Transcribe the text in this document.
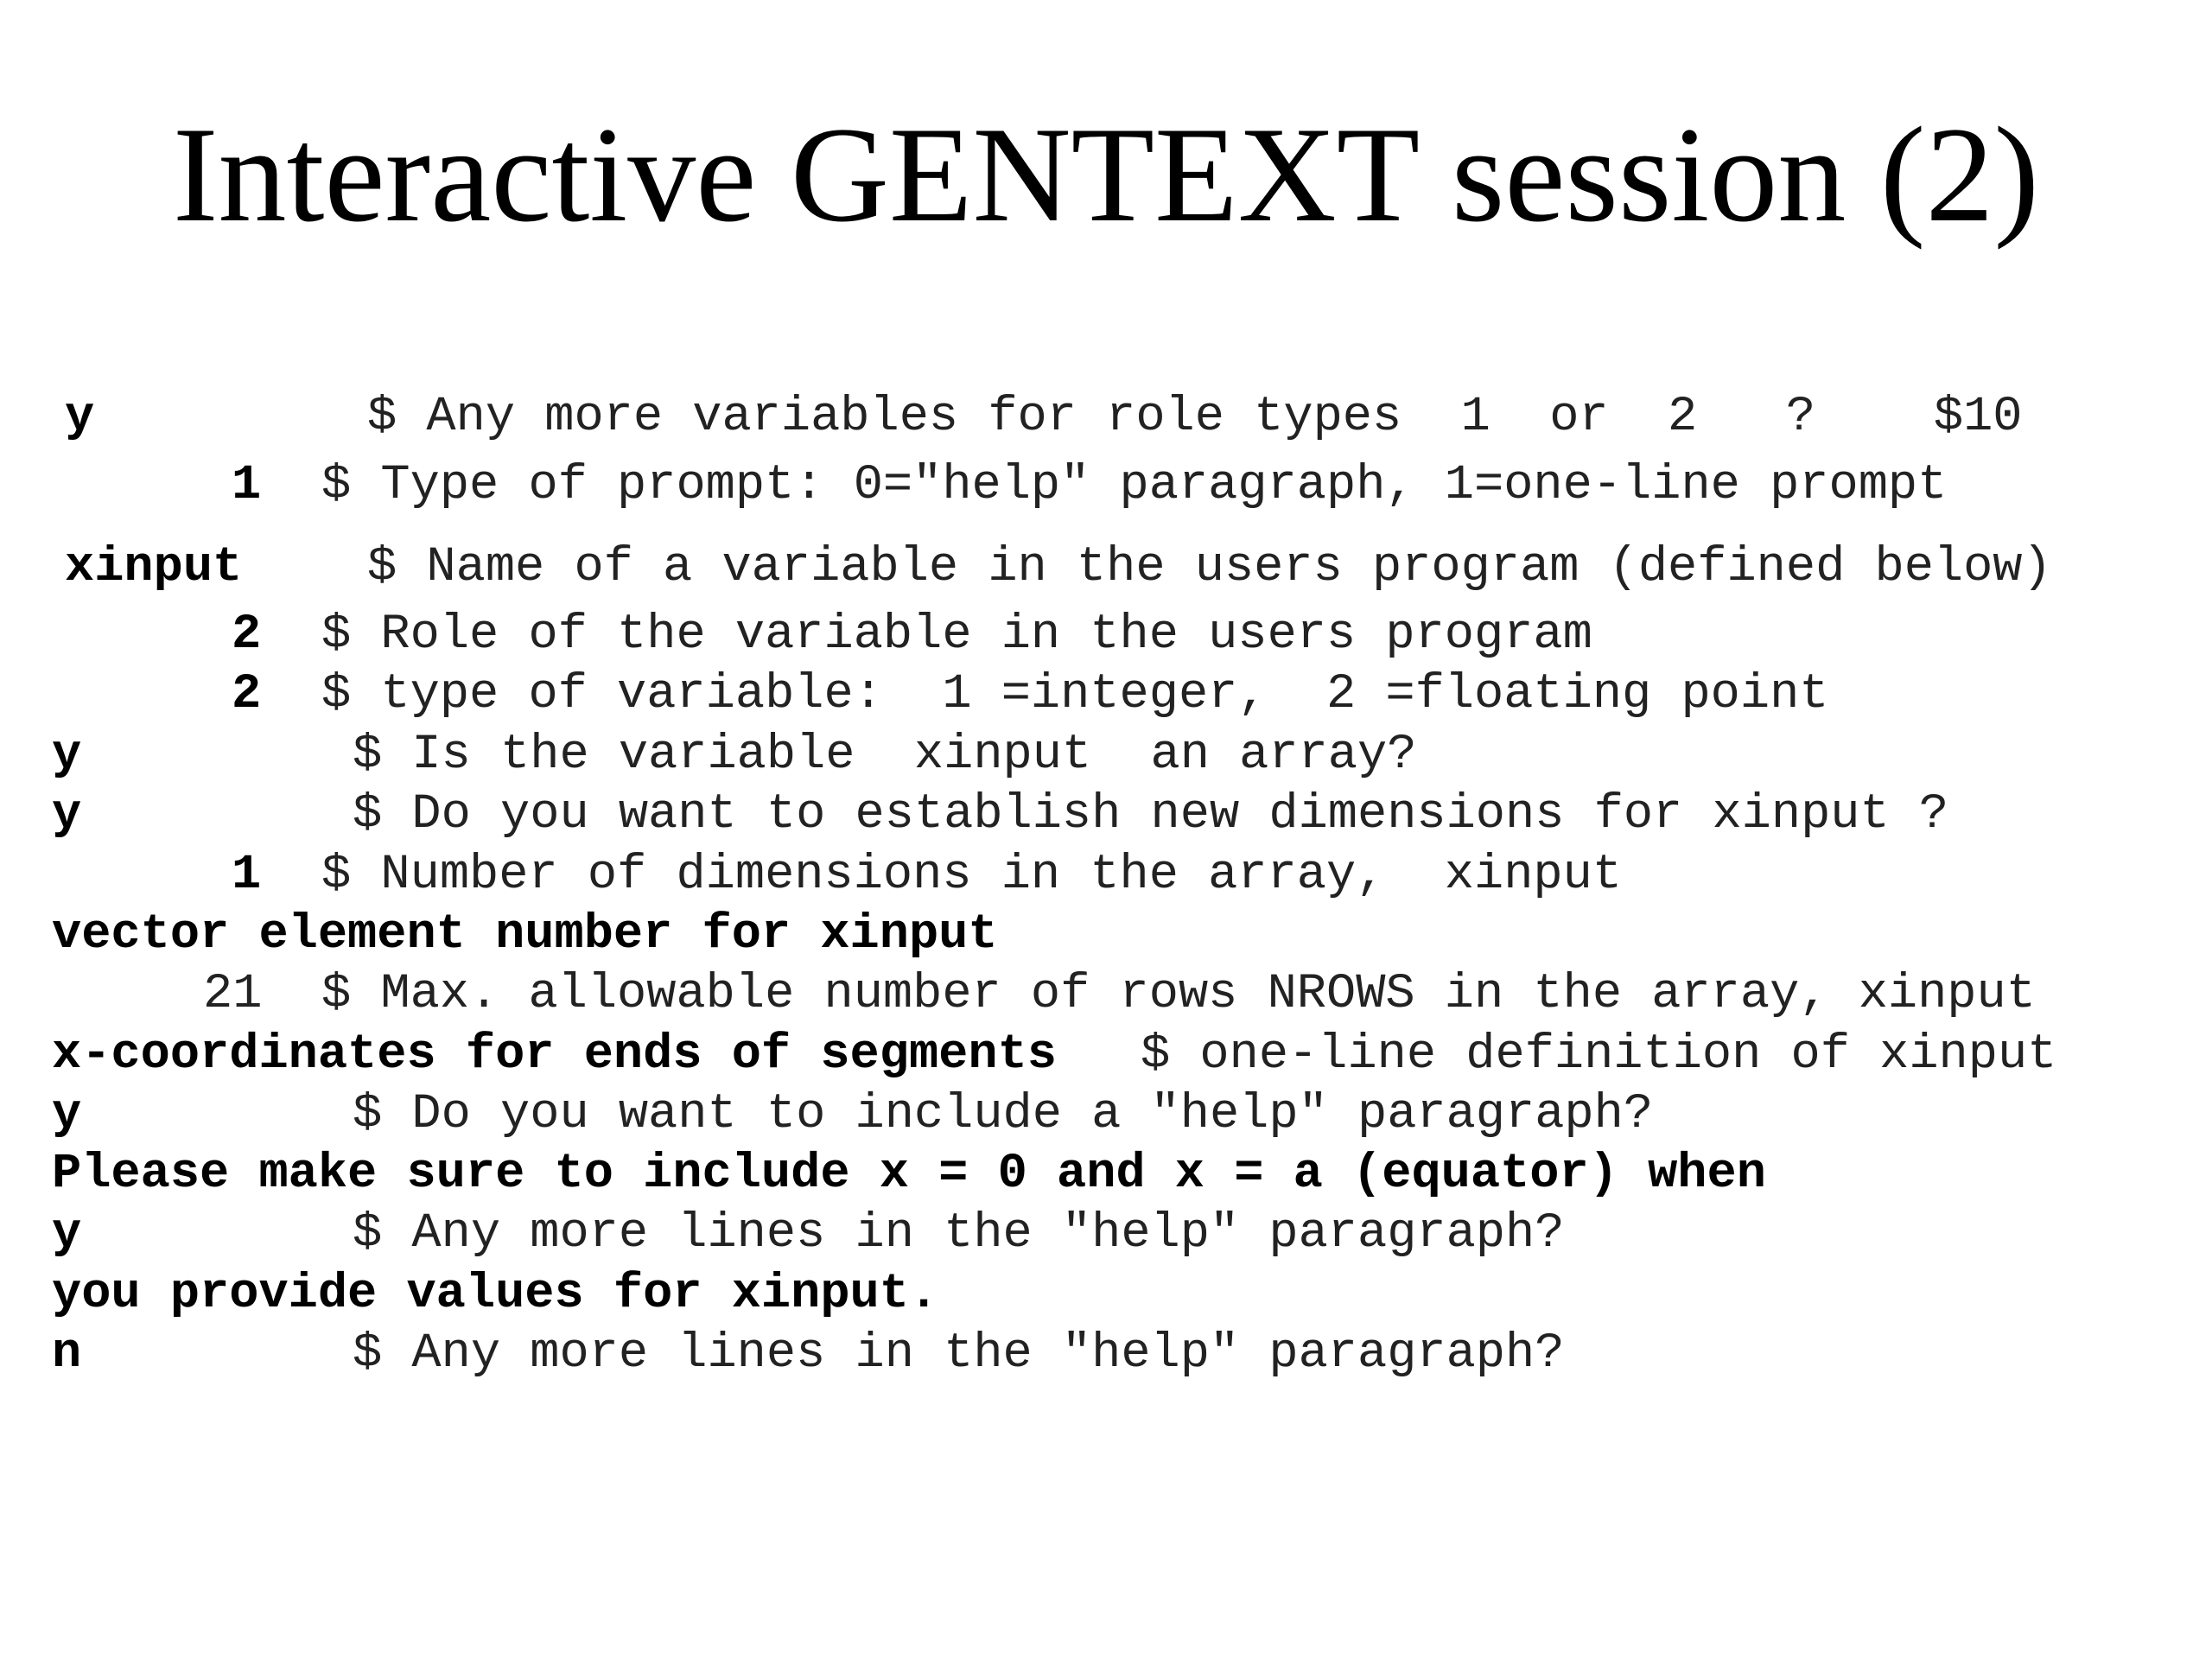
Interactive GENTEXT session (2)
y	$ Any more variables for role types  1  or  2   ?    $10
1 $ Type of prompt: 0="help" paragraph, 1=one-line prompt
xinput	$ Name of a variable in the users program (defined below)
2 $ Role of the variable in the users program
2 $ type of variable:  1 =integer,  2 =floating point
y	$ Is the variable  xinput  an array?
y	$ Do you want to establish new dimensions for xinput ?
1 $ Number of dimensions in the array,  xinput
vector element number for xinput
21 $ Max. allowable number of rows NROWS in the array, xinput
x-coordinates for ends of segments $ one-line definition of xinput
y	$ Do you want to include a "help" paragraph?
Please make sure to include x = 0 and x = a (equator) when
y	$ Any more lines in the "help" paragraph?
you provide values for xinput.
n	$ Any more lines in the "help" paragraph?
